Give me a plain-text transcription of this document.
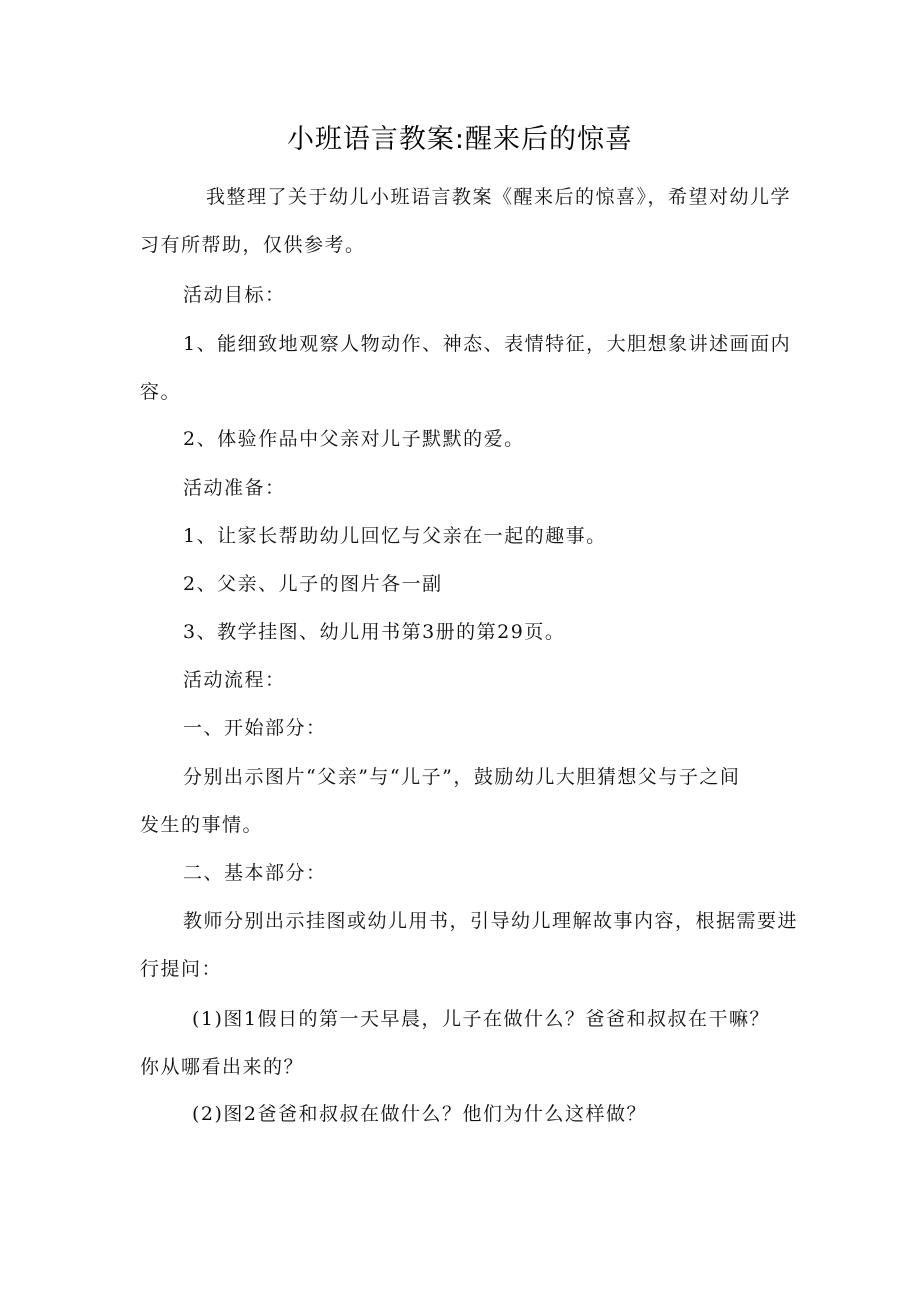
小班语言教案:醒来后的惊喜
我整理了关于幼儿小班语言教案《醒来后的惊喜》，希望对幼儿学
习有所帮助，仅供参考。
活动目标：
1、能细致地观察人物动作、神态、表情特征，大胆想象讲述画面内
容。
2、体验作品中父亲对儿子默默的爱。
活动准备：
1、让家长帮助幼儿回忆与父亲在一起的趣事。
2、父亲、儿子的图片各一副
3、教学挂图、幼儿用书第3册的第29页。
活动流程：
一、开始部分：
分别出示图片“父亲”与“儿子”，鼓励幼儿大胆猜想父与子之间
发生的事情。
二、基本部分：
教师分别出示挂图或幼儿用书，引导幼儿理解故事内容，根据需要进
行提问：
(1)图1假日的第一天早晨，儿子在做什么？爸爸和叔叔在干嘛？
你从哪看出来的？
(2)图2爸爸和叔叔在做什么？他们为什么这样做？
